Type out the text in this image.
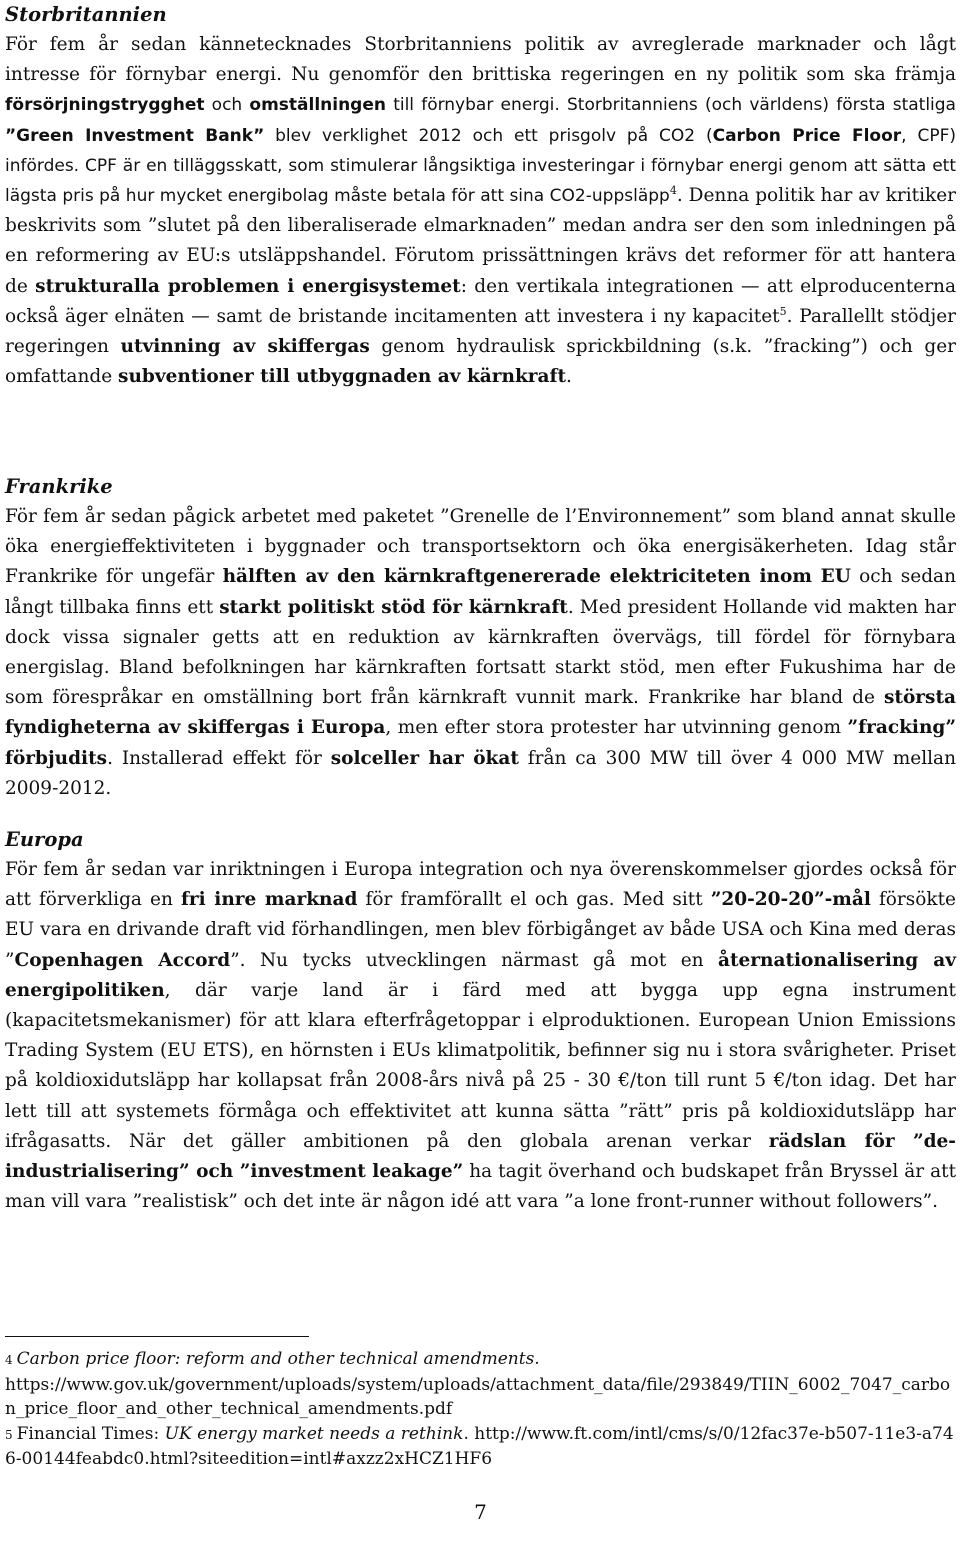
Storbritannien

För fem år sedan kännetecknades Storbritanniens politik av avreglerade marknader och lågt intresse för förnybar energi. Nu genomför den brittiska regeringen en ny politik som ska främja försörjningstrygghet och omställningen till förnybar energi. Storbritanniens (och världens) första statliga ”Green Investment Bank” blev verklighet 2012 och ett prisgolv på CO2 (Carbon Price Floor, CPF) infördes. CPF är en tilläggsskatt, som stimulerar långsiktiga investeringar i förnybar energi genom att sätta ett lägsta pris på hur mycket energibolag måste betala för att sina CO2-uppsläpp$^4$. Denna politik har av kritiker beskrivits som ”slutet på den liberaliserade elmarknaden” medan andra ser den som inledningen på en reformering av EU:s utsläppshandel. Förutom prissättningen krävs det reformer för att hantera de strukturalla problemen i energisystemet: den vertikala integrationen — att elproducenterna också äger elnäten — samt de bristande incitamenten att investera i ny kapacitet$^5$. Parallellt stödjer regeringen utvinning av skiffergas genom hydraulisk sprickbildning (s.k. ”fracking”) och ger omfattande subventioner till utbyggnaden av kärnkraft.

Frankrike

För fem år sedan pågick arbetet med paketet ”Grenelle de l’Environnement” som bland annat skulle öka energieffektiviteten i byggnader och transportsektorn och öka energisäkerheten. Idag står Frankrike för ungefär hälften av den kärnkraftgenererade elektriciteten inom EU och sedan långt tillbaka finns ett starkt politiskt stöd för kärnkraft. Med president Hollande vid makten har dock vissa signaler getts att en reduktion av kärnkraften övervägs, till fördel för förnybara energislag. Bland befolkningen har kärnkraften fortsatt starkt stöd, men efter Fukushima har de som förespråkar en omställning bort från kärnkraft vunnit mark. Frankrike har bland de största fyndigheterna av skiffergas i Europa, men efter stora protester har utvinning genom ”fracking” förbjudits. Installerad effekt för solceller har ökat från ca 300 MW till över 4 000 MW mellan 2009-2012.

Europa

För fem år sedan var inriktningen i Europa integration och nya överenskommelser gjordes också för att förverkliga en fri inre marknad för framförallt el och gas. Med sitt ”20-20-20”-mål försökte EU vara en drivande draft vid förhandlingen, men blev förbigånget av både USA och Kina med deras ”Copenhagen Accord”. Nu tycks utvecklingen närmast gå mot en åternationalisering av energipolitiken, där varje land är i färd med att bygga upp egna instrument (kapacitetsmekanismer) för att klara efterfrågetoppar i elproduktionen. European Union Emissions Trading System (EU ETS), en hörnsten i EUs klimatpolitik, befinner sig nu i stora svårigheter. Priset på koldioxidutsläpp har kollapsat från 2008-års nivå på 25 - 30 €/ton till runt 5 €/ton idag. Det har lett till att systemets förmåga och effektivitet att kunna sätta ”rätt” pris på koldioxidutsläpp har ifrågasatts. När det gäller ambitionen på den globala arenan verkar rädslan för ”de-industrialisering” och ”investment leakage” ha tagit överhand och budskapet från Bryssel är att man vill vara ”realistisk” och det inte är någon idé att vara ”a lone front-runner without followers”.

4 Carbon price floor: reform and other technical amendments.
https://www.gov.uk/government/uploads/system/uploads/attachment_data/file/293849/TIIN_6002_7047_carbon_price_floor_and_other_technical_amendments.pdf

5 Financial Times: UK energy market needs a rethink. http://www.ft.com/intl/cms/s/0/12fac37e-b507-11e3-a746-00144feabdc0.html?siteedition=intl#axzz2xHCZ1HF6

7
